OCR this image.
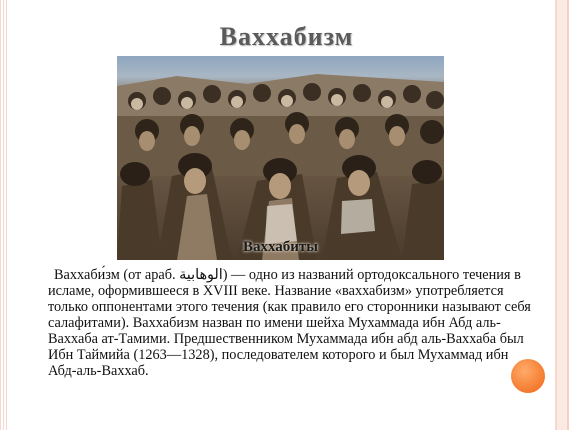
Ваххабизм
Ваххабиты
Ваххаби́зм (от араб. الوهابية‎) — одно из названий ортодоксального течения в исламе, оформившееся в XVIII веке. Название «ваххабизм» употребляется только оппонентами этого течения (как правило его сторонники называют себя салафитами). Ваххабизм назван по имени шейха Мухаммада ибн Абд аль-Ваххаба ат-Тамими. Предшественником Мухаммада ибн абд аль-Ваххаба был Ибн Таймийа (1263—1328), последователем которого и был Мухаммад ибн Абд-аль-Ваххаб.
